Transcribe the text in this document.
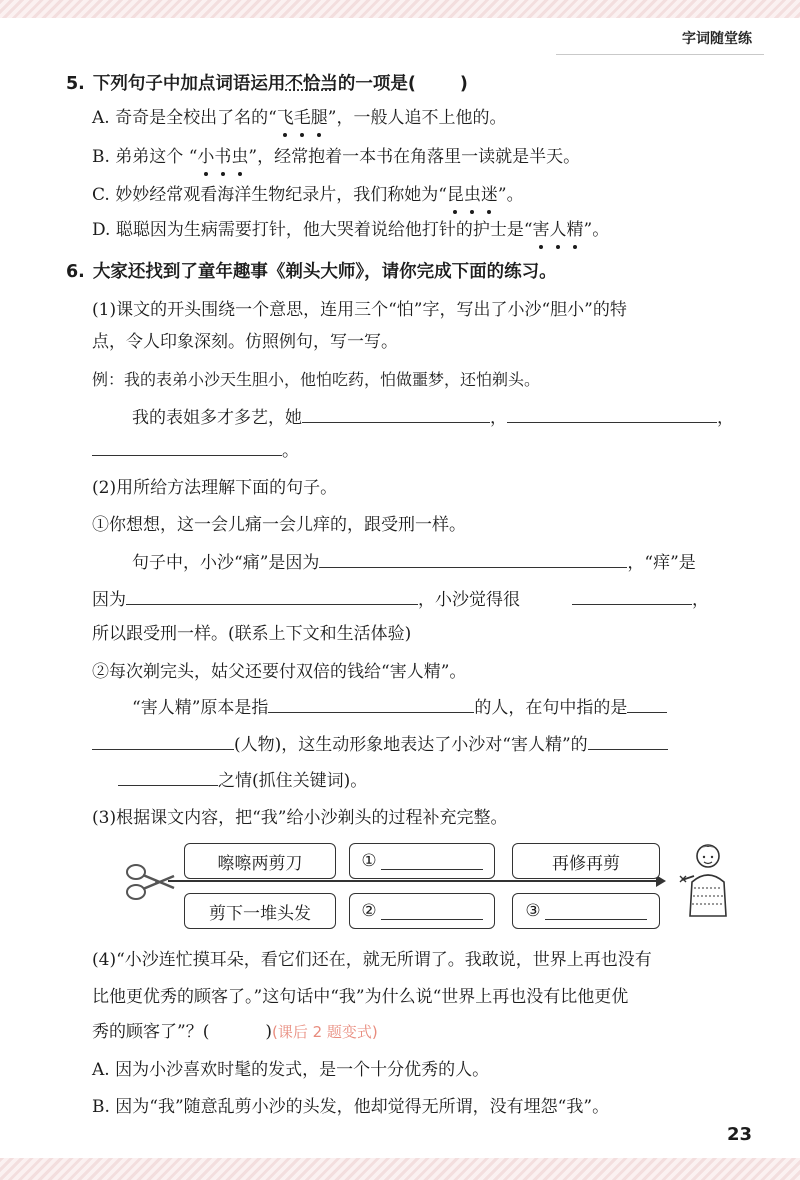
字词随堂练
5. 下列句子中加点词语运用不恰当的一项是(	)
A. 奇奇是全校出了名的“飞毛腿”，一般人追不上他的。
B. 弟弟这个 “小书虫”，经常抱着一本书在角落里一读就是半天。
C. 妙妙经常观看海洋生物纪录片，我们称她为“昆虫迷”。
D. 聪聪因为生病需要打针，他大哭着说给他打针的护士是“害人精”。
6. 大家还找到了童年趣事《剃头大师》，请你完成下面的练习。
(1)课文的开头围绕一个意思，连用三个“怕”字，写出了小沙“胆小”的特
点，令人印象深刻。仿照例句，写一写。
例：我的表弟小沙天生胆小，他怕吃药，怕做噩梦，还怕剃头。
我的表姐多才多艺，她	，	，
。
(2)用所给方法理解下面的句子。
①你想想，这一会儿痛一会儿痒的，跟受刑一样。
句子中，小沙“痛”是因为	，“痒”是
因为	，小沙觉得很	，
所以跟受刑一样。(联系上下文和生活体验)
②每次剃完头，姑父还要付双倍的钱给“害人精”。
“害人精”原本是指	的人，在句中指的是
(人物)，这生动形象地表达了小沙对“害人精”的
之情(抓住关键词)。
(3)根据课文内容，把“我”给小沙剃头的过程补充完整。
嚓嚓两剪刀	①	再修再剪
剪下一堆头发	②	③
(4)“小沙连忙摸耳朵，看它们还在，就无所谓了。我敢说，世界上再也没有
比他更优秀的顾客了。”这句话中“我”为什么说“世界上再也没有比他更优
秀的顾客了”？(	)(课后 2 题变式)
A. 因为小沙喜欢时髦的发式，是一个十分优秀的人。
B. 因为“我”随意乱剪小沙的头发，他却觉得无所谓，没有埋怨“我”。
23
